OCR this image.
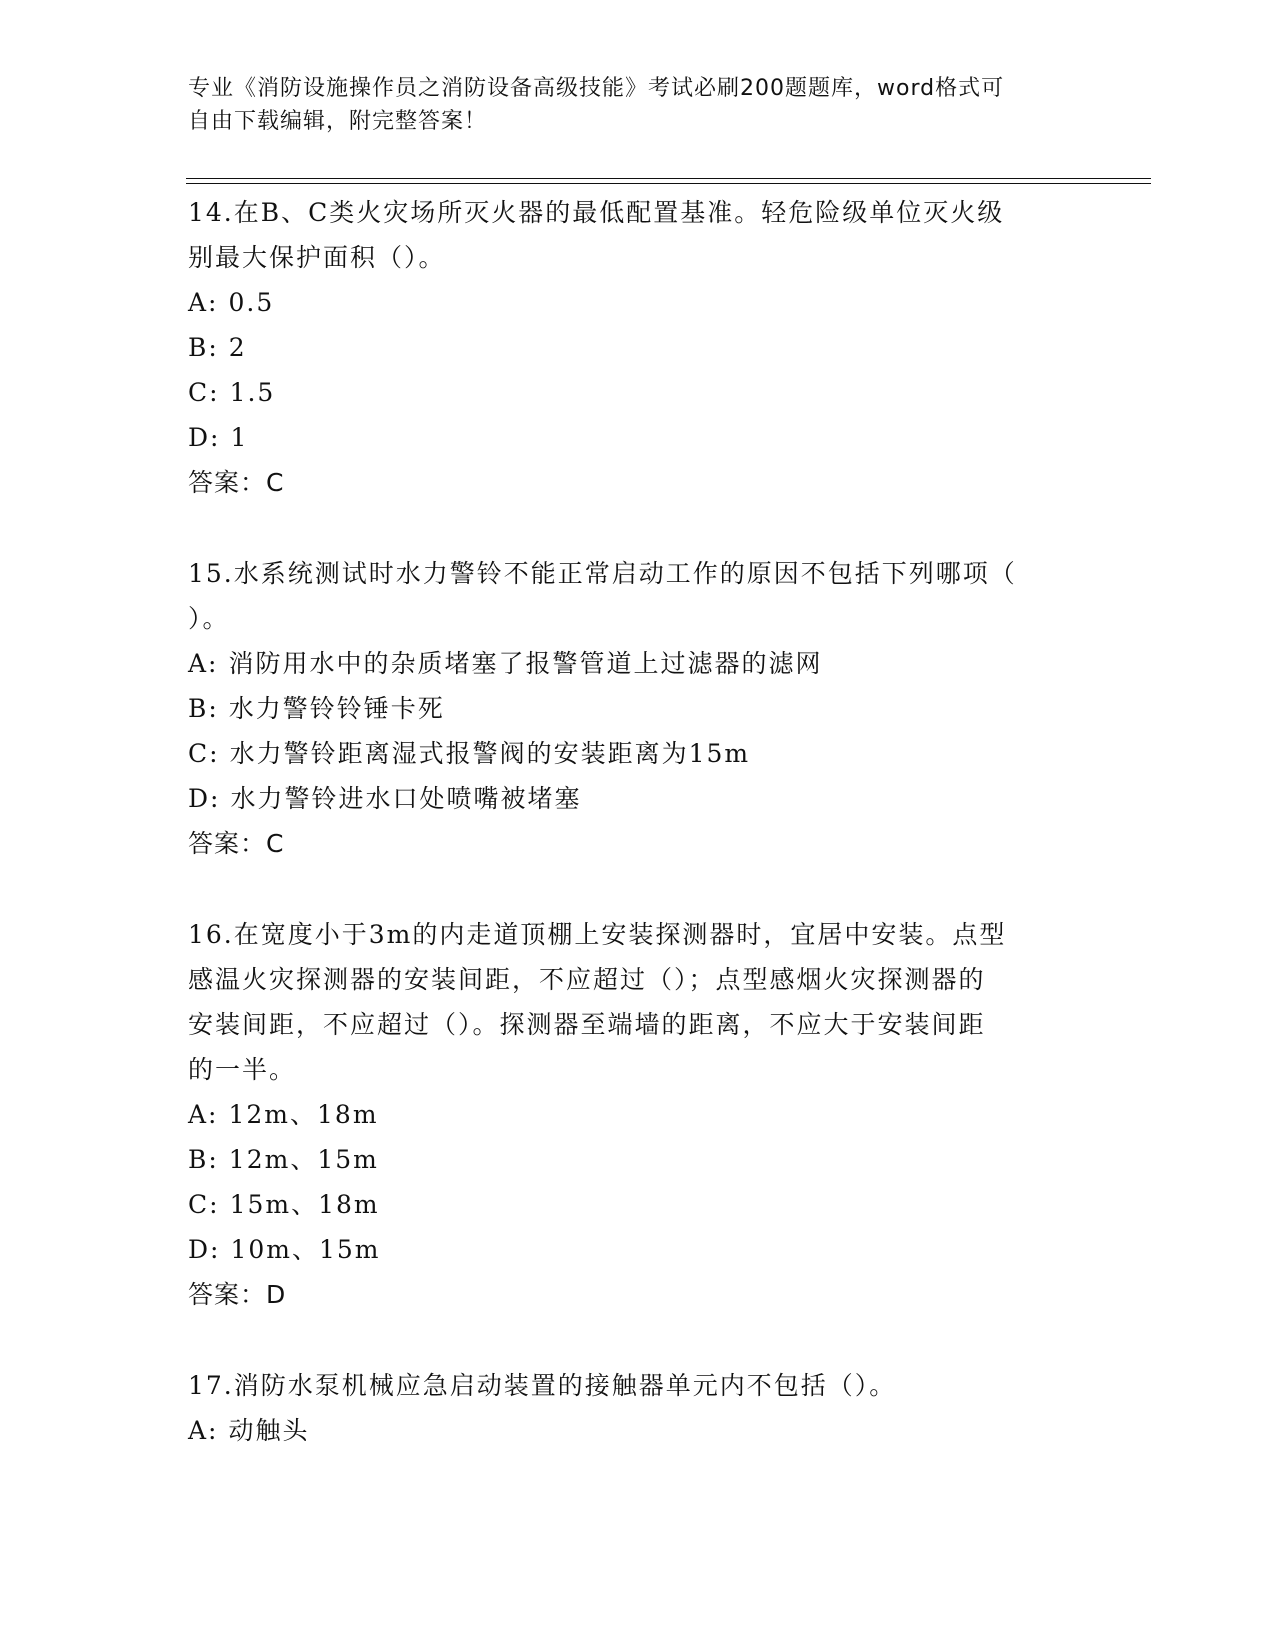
专业《消防设施操作员之消防设备高级技能》考试必刷200题题库，word格式可
自由下载编辑，附完整答案！
14.在B、C类火灾场所灭火器的最低配置基准。轻危险级单位灭火级
别最大保护面积（）。
A: 0.5
B: 2
C: 1.5
D: 1
答案：C
15.水系统测试时水力警铃不能正常启动工作的原因不包括下列哪项（
）。
A: 消防用水中的杂质堵塞了报警管道上过滤器的滤网
B: 水力警铃铃锤卡死
C: 水力警铃距离湿式报警阀的安装距离为15m
D: 水力警铃进水口处喷嘴被堵塞
答案：C
16.在宽度小于3m的内走道顶棚上安装探测器时，宜居中安装。点型
感温火灾探测器的安装间距，不应超过（）；点型感烟火灾探测器的
安装间距，不应超过（）。探测器至端墙的距离，不应大于安装间距
的一半。
A: 12m、18m
B: 12m、15m
C: 15m、18m
D: 10m、15m
答案：D
17.消防水泵机械应急启动装置的接触器单元内不包括（）。
A: 动触头
